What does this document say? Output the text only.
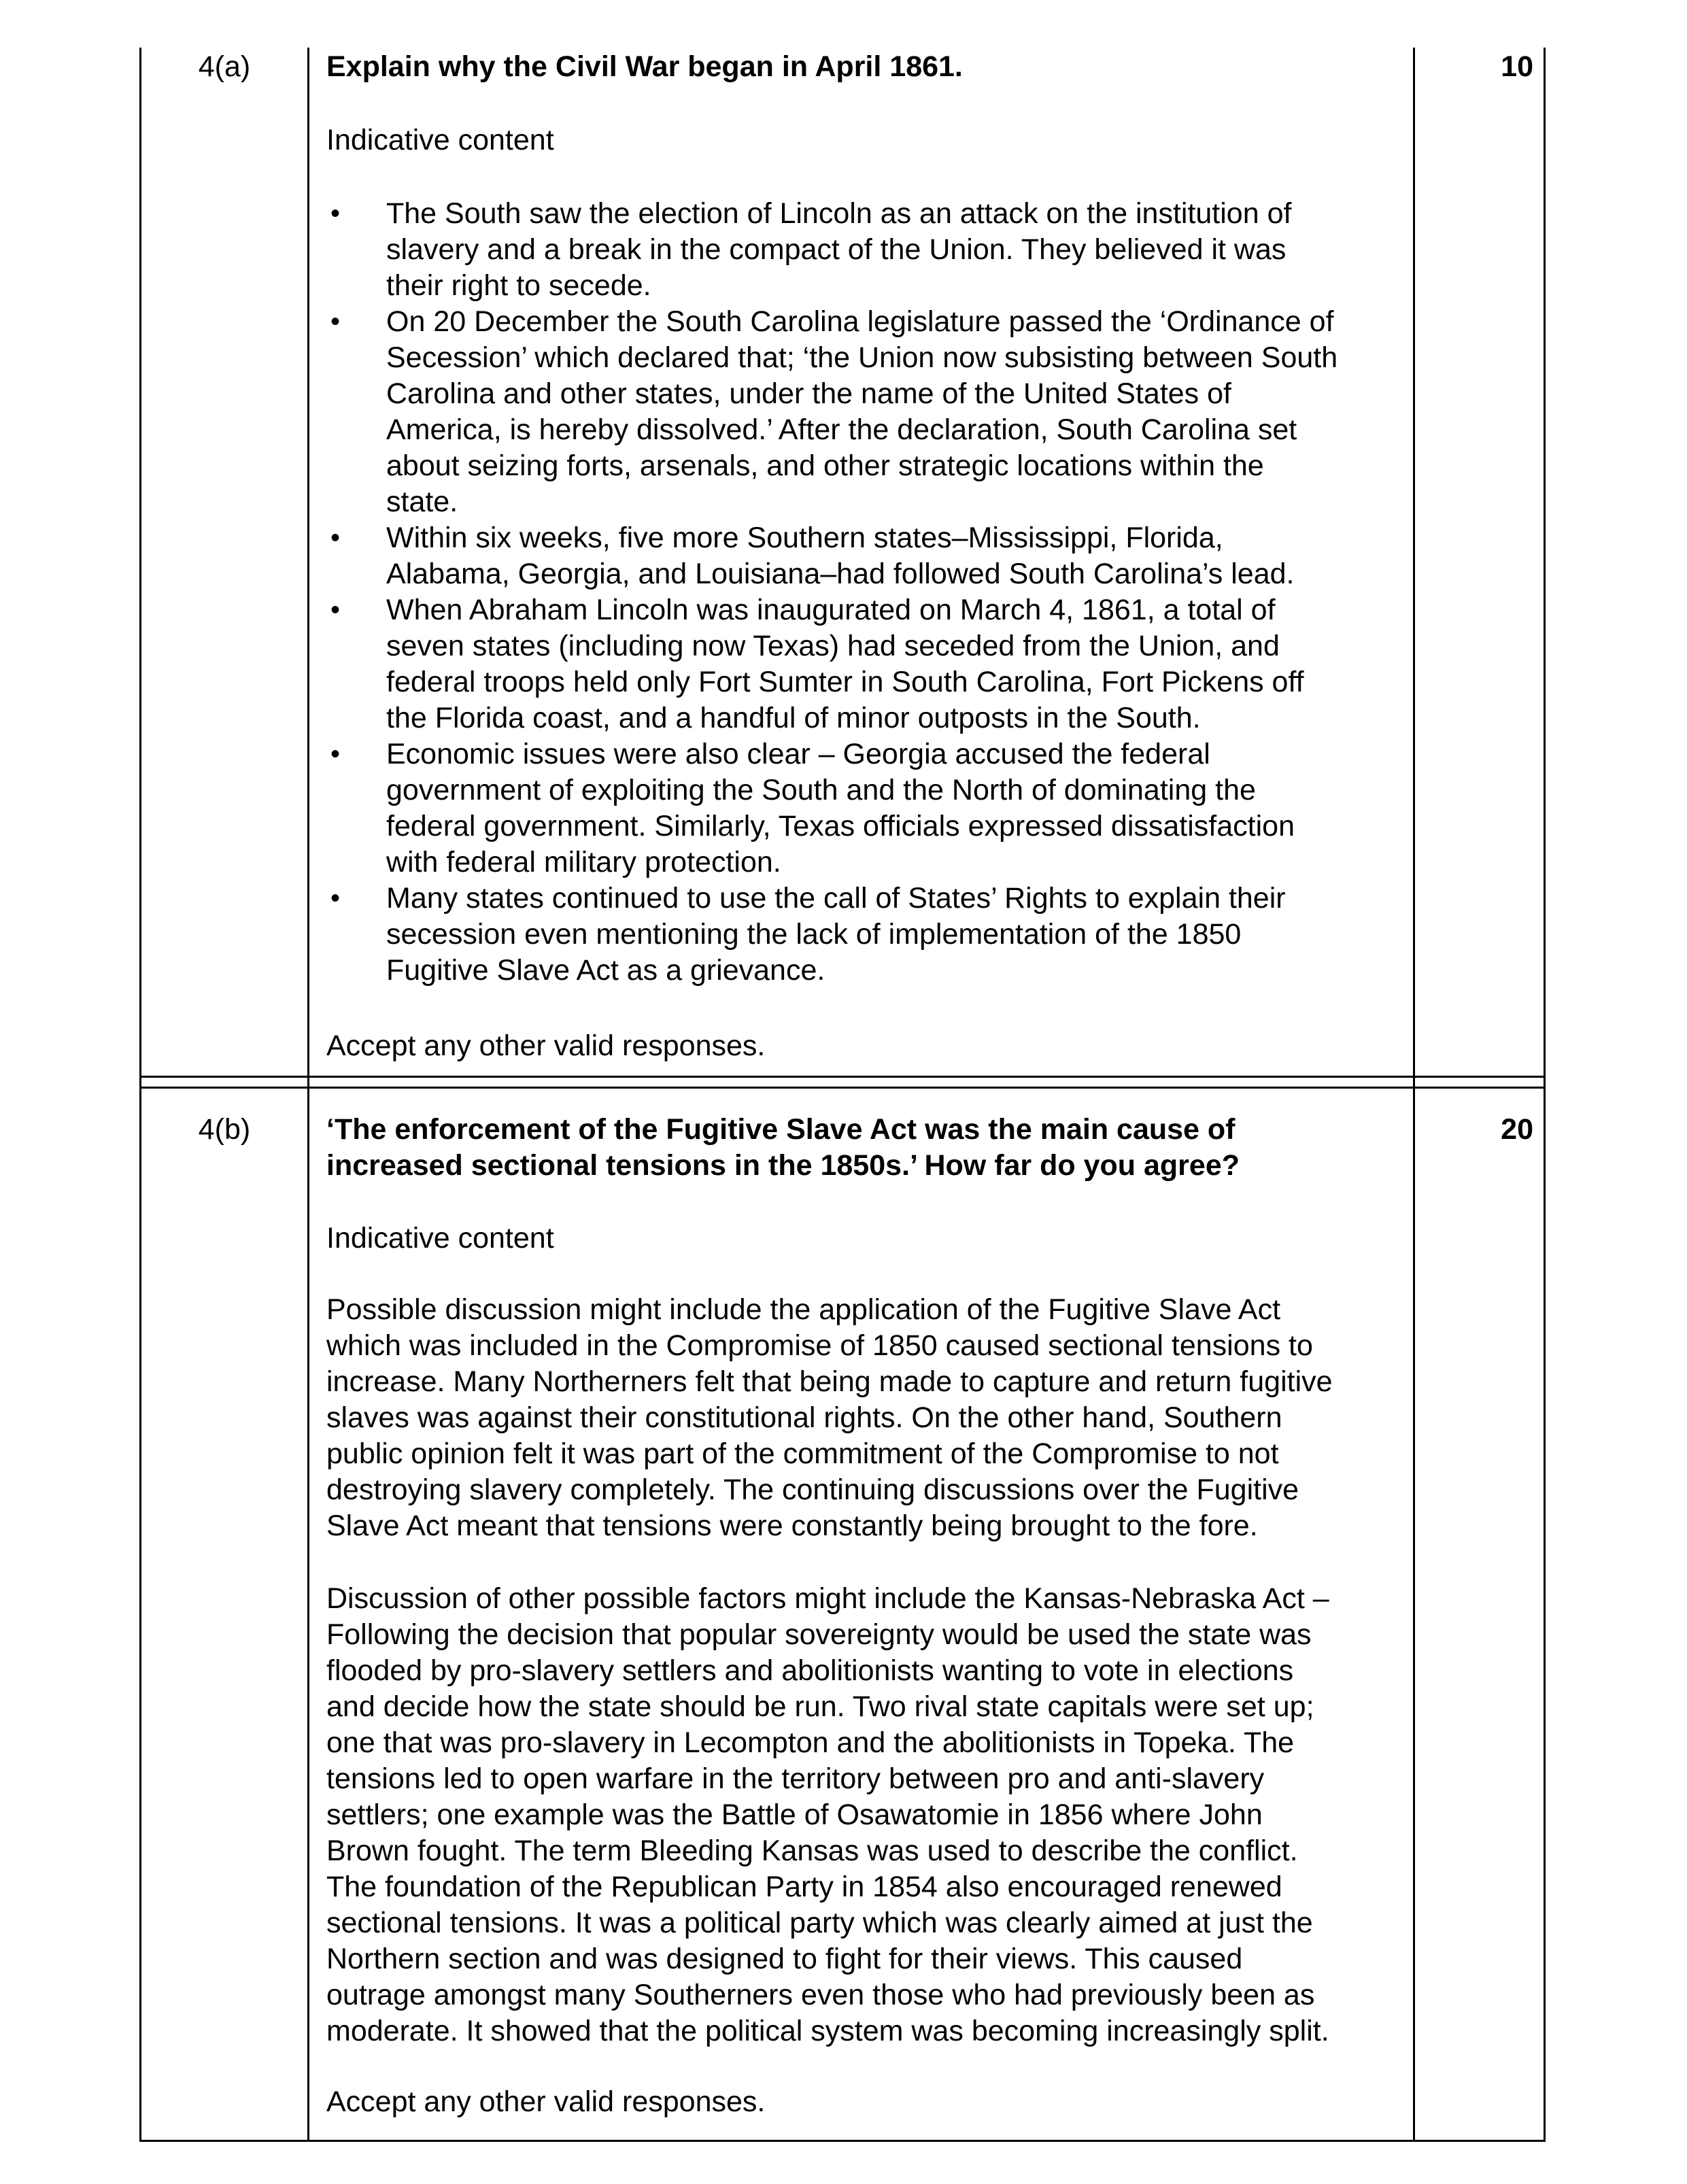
4(a)	10
Explain why the Civil War began in April 1861.
Indicative content
• The South saw the election of Lincoln as an attack on the institution of
slavery and a break in the compact of the Union. They believed it was
their right to secede.
• On 20 December the South Carolina legislature passed the ‘Ordinance of
Secession’ which declared that; ‘the Union now subsisting between South
Carolina and other states, under the name of the United States of
America, is hereby dissolved.’ After the declaration, South Carolina set
about seizing forts, arsenals, and other strategic locations within the
state.
• Within six weeks, five more Southern states–Mississippi, Florida,
Alabama, Georgia, and Louisiana–had followed South Carolina’s lead.
• When Abraham Lincoln was inaugurated on March 4, 1861, a total of
seven states (including now Texas) had seceded from the Union, and
federal troops held only Fort Sumter in South Carolina, Fort Pickens off
the Florida coast, and a handful of minor outposts in the South.
• Economic issues were also clear – Georgia accused the federal
government of exploiting the South and the North of dominating the
federal government. Similarly, Texas officials expressed dissatisfaction
with federal military protection.
• Many states continued to use the call of States’ Rights to explain their
secession even mentioning the lack of implementation of the 1850
Fugitive Slave Act as a grievance.
Accept any other valid responses.
4(b)	20
‘The enforcement of the Fugitive Slave Act was the main cause of
increased sectional tensions in the 1850s.’ How far do you agree?
Indicative content
Possible discussion might include the application of the Fugitive Slave Act
which was included in the Compromise of 1850 caused sectional tensions to
increase. Many Northerners felt that being made to capture and return fugitive
slaves was against their constitutional rights. On the other hand, Southern
public opinion felt it was part of the commitment of the Compromise to not
destroying slavery completely. The continuing discussions over the Fugitive
Slave Act meant that tensions were constantly being brought to the fore.
Discussion of other possible factors might include the Kansas-Nebraska Act –
Following the decision that popular sovereignty would be used the state was
flooded by pro-slavery settlers and abolitionists wanting to vote in elections
and decide how the state should be run. Two rival state capitals were set up;
one that was pro-slavery in Lecompton and the abolitionists in Topeka. The
tensions led to open warfare in the territory between pro and anti-slavery
settlers; one example was the Battle of Osawatomie in 1856 where John
Brown fought. The term Bleeding Kansas was used to describe the conflict.
The foundation of the Republican Party in 1854 also encouraged renewed
sectional tensions. It was a political party which was clearly aimed at just the
Northern section and was designed to fight for their views. This caused
outrage amongst many Southerners even those who had previously been as
moderate. It showed that the political system was becoming increasingly split.
Accept any other valid responses.
